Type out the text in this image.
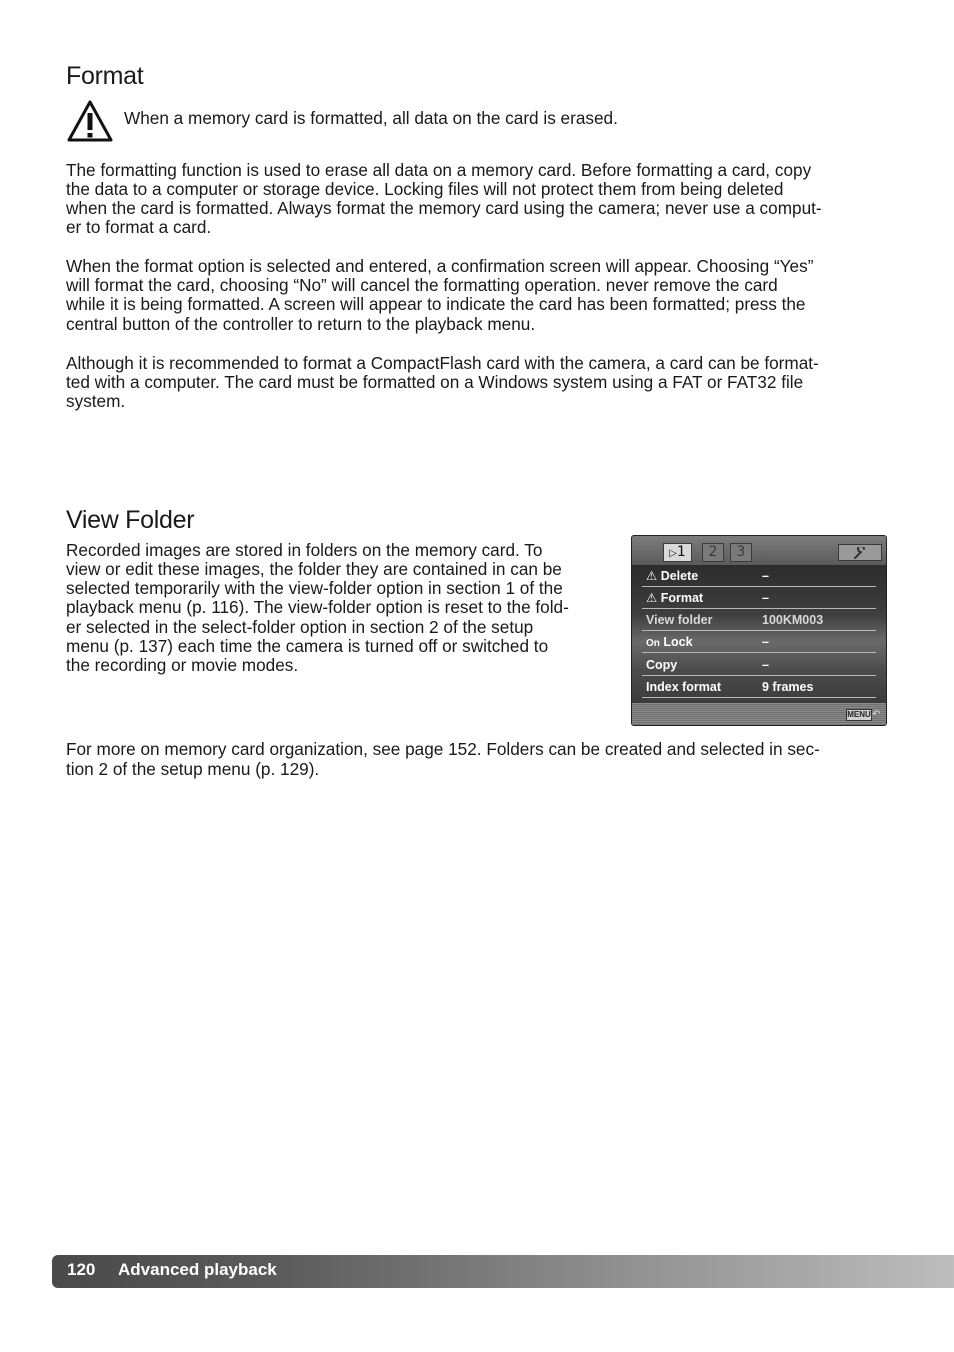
Format

When a memory card is formatted, all data on the card is erased.

The formatting function is used to erase all data on a memory card. Before formatting a card, copy

the data to a computer or storage device. Locking files will not protect them from being deleted

when the card is formatted. Always format the memory card using the camera; never use a comput-

er to format a card.

When the format option is selected and entered, a confirmation screen will appear. Choosing “Yes”

will format the card, choosing “No” will cancel the formatting operation. never remove the card

while it is being formatted. A screen will appear to indicate the card has been formatted; press the

central button of the controller to return to the playback menu.

Although it is recommended to format a CompactFlash card with the camera, a card can be format-

ted with a computer. The card must be formatted on a Windows system using a FAT or FAT32 file

system.

View Folder

Recorded images are stored in folders on the memory card. To

view or edit these images, the folder they are contained in can be

selected temporarily with the view-folder option in section 1 of the

playback menu (p. 116). The view-folder option is reset to the fold-

er selected in the select-folder option in section 2 of the setup

menu (p. 137) each time the camera is turned off or switched to

the recording or movie modes.

▷1	2	3
⚠ Delete	–
⚠ Format	–
View folder	100KM003
On Lock	–
Copy	–
Index format	9 frames
MENU ↶

For more on memory card organization, see page 152. Folders can be created and selected in sec-

tion 2 of the setup menu (p. 129).

120 Advanced playback
